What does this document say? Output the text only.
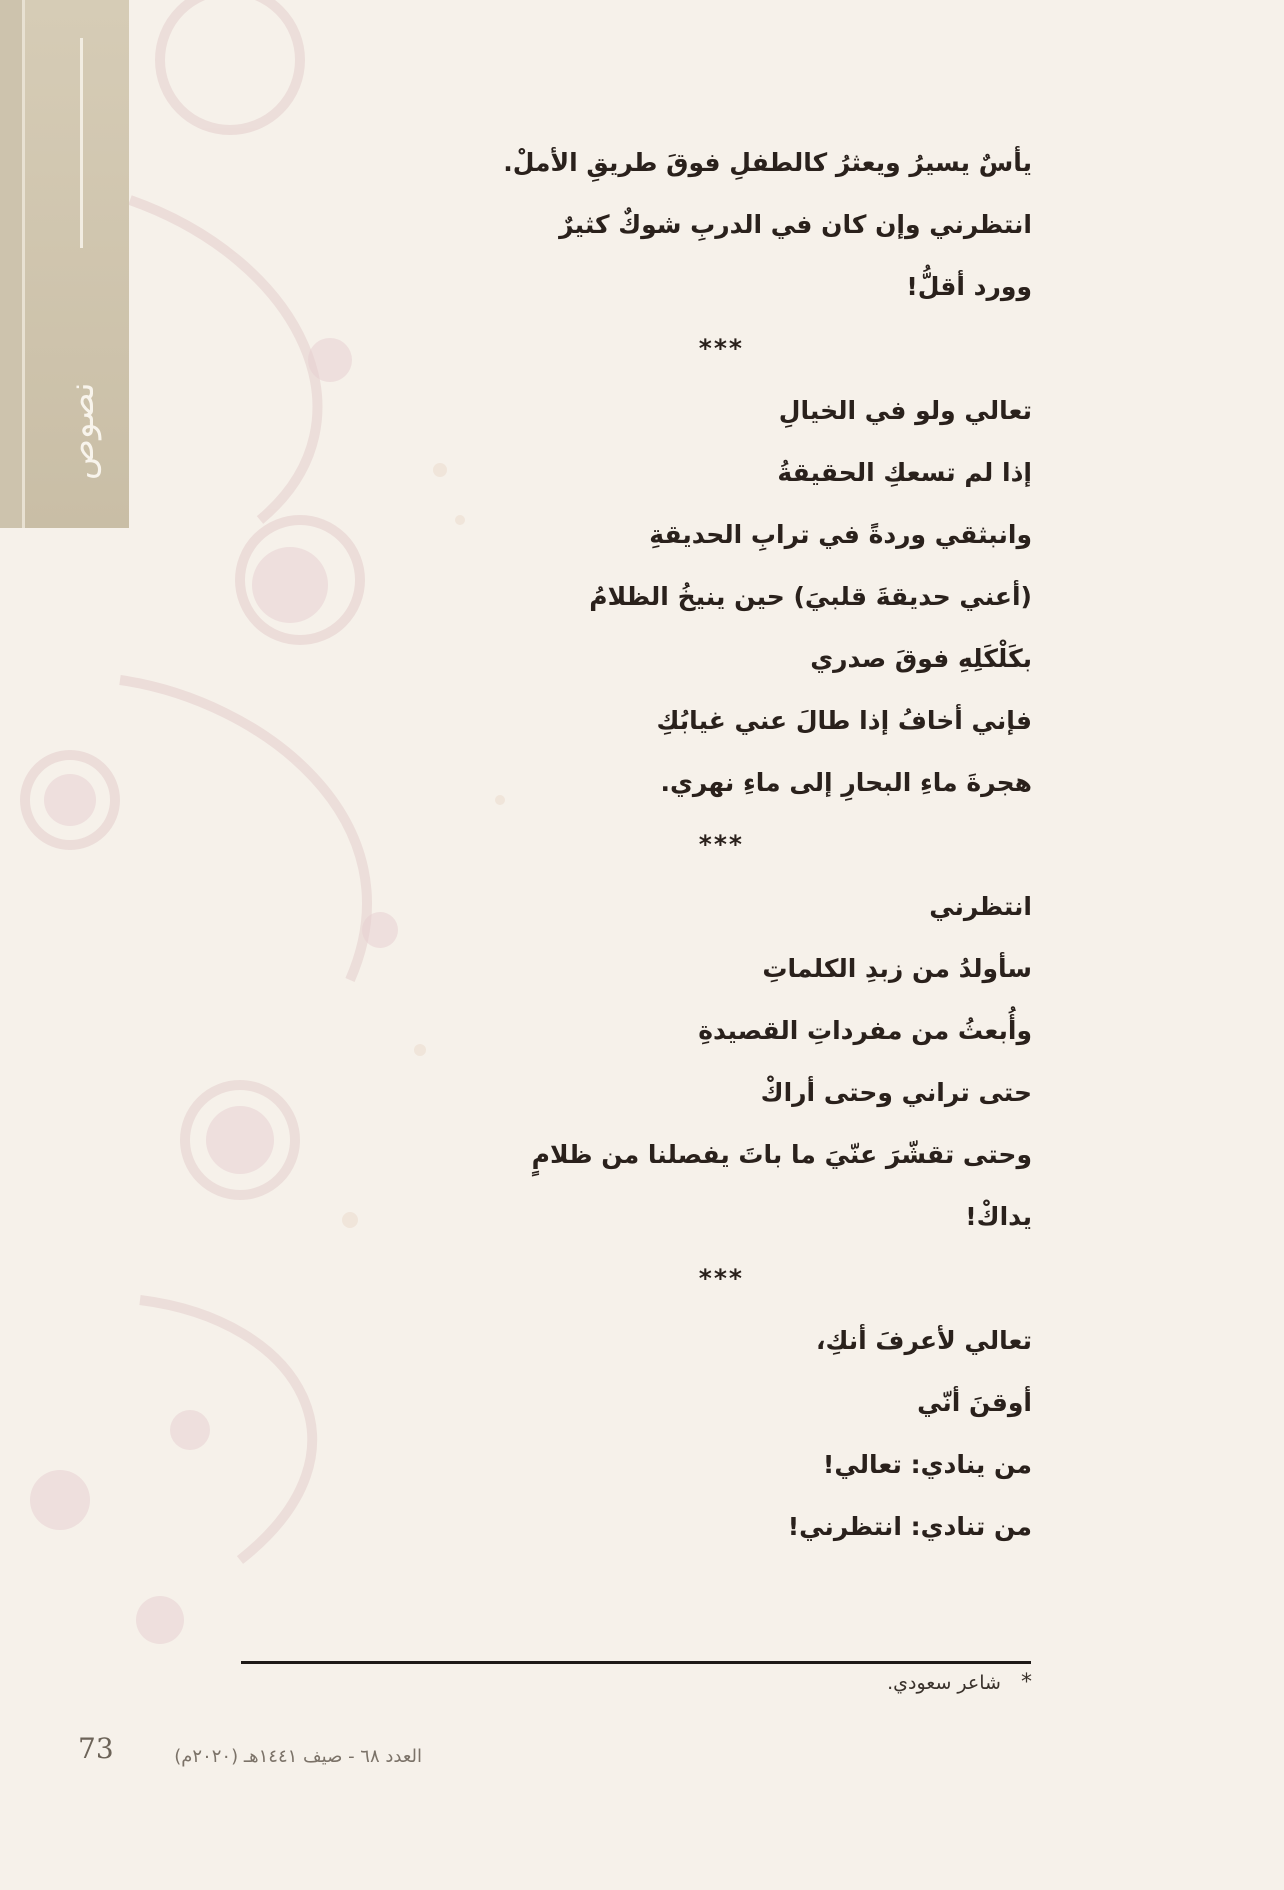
نصوص
يأسٌ يسيرُ ويعثرُ كالطفلِ فوقَ طريقِ الأملْ.
انتظرني وإن كان في الدربِ شوكٌ كثيرٌ
وورد أقلُّ!
***
تعالي ولو في الخيالِ
إذا لم تسعكِ الحقيقةُ
وانبثقي وردةً في ترابِ الحديقةِ
(أعني حديقةَ قلبيَ) حين ينيخُ الظلامُ
بكَلْكَلِهِ فوقَ صدري
فإني أخافُ إذا طالَ عني غيابُكِ
هجرةَ ماءِ البحارِ إلى ماءِ نهري.
***
انتظرني
سأولدُ من زبدِ الكلماتِ
وأُبعثُ من مفرداتِ القصيدةِ
حتى تراني وحتى أراكْ
وحتى تقشّرَ عنّيَ ما باتَ يفصلنا من ظلامٍ
يداكْ!
***
تعالي لأعرفَ أنكِ،
أوقنَ أنّي
من ينادي: تعالي!
من تنادي: انتظرني!
* شاعر سعودي.
73	العدد ٦٨ - صيف ١٤٤١هـ (٢٠٢٠م)
